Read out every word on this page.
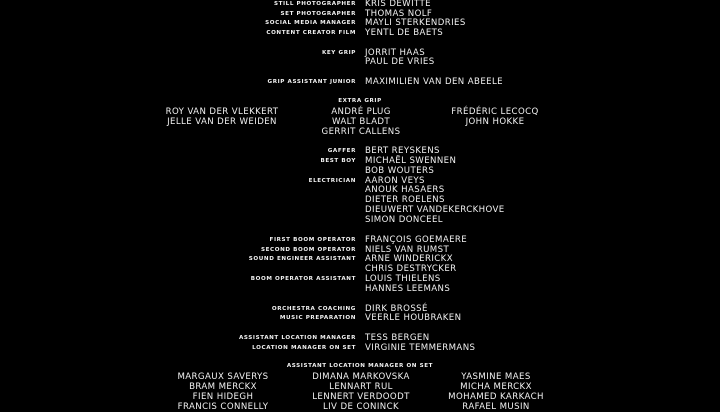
STILL PHOTOGRAPHER KRIS DEWITTE
SET PHOTOGRAPHER THOMAS NOLF
SOCIAL MEDIA MANAGER MAYLI STERKENDRIES
CONTENT CREATOR FILM YENTL DE BAETS
KEY GRIP JORRIT HAAS
PAUL DE VRIES
GRIP ASSISTANT JUNIOR MAXIMILIEN VAN DEN ABEELE
GAFFER BERT REYSKENS
BEST BOY MICHAËL SWENNEN
BOB WOUTERS
ELECTRICIAN AARON VEYS
ANOUK HASAERS
DIETER ROELENS
DIEUWERT VANDEKERCKHOVE
SIMON DONCEEL
FIRST BOOM OPERATOR FRANÇOIS GOEMAERE
SECOND BOOM OPERATOR NIELS VAN RUMST
SOUND ENGINEER ASSISTANT ARNE WINDERICKX
CHRIS DESTRYCKER
BOOM OPERATOR ASSISTANT LOUIS THIELENS
HANNES LEEMANS
ORCHESTRA COACHING DIRK BROSSÉ
MUSIC PREPARATION VEERLE HOUBRAKEN
ASSISTANT LOCATION MANAGER TESS BERGEN
LOCATION MANAGER ON SET VIRGINIE TEMMERMANS
EXTRA GRIP
ROY VAN DER VLEKKERT
JELLE VAN DER WEIDEN
ANDRÉ PLUG
WALT BLADT
GERRIT CALLENS
FRÉDÉRIC LECOCQ
JOHN HOKKE
ASSISTANT LOCATION MANAGER ON SET
MARGAUX SAVERYS
BRAM MERCKX
FIEN HIDEGH
FRANCIS CONNELLY
DIMANA MARKOVSKA
LENNART RUL
LENNERT VERDOODT
LIV DE CONINCK
YASMINE MAES
MICHA MERCKX
MOHAMED KARKACH
RAFAEL MUSIN
